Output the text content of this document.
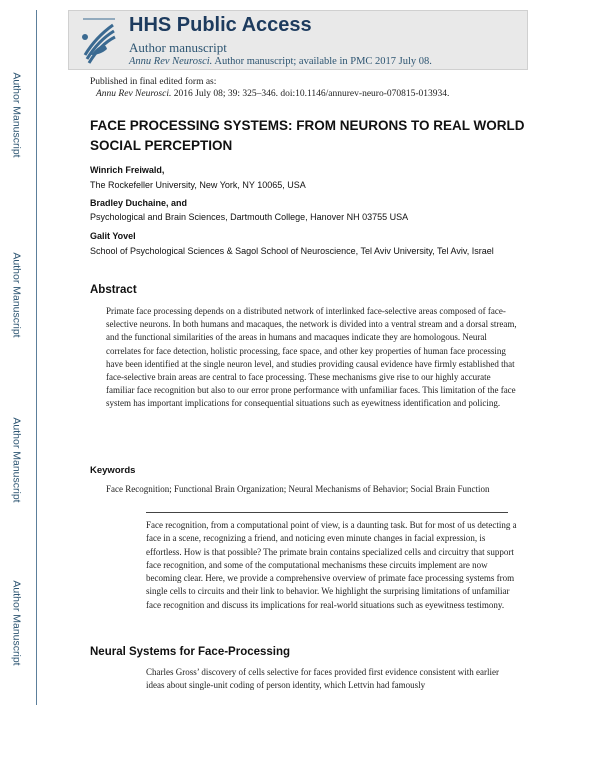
Author Manuscript
Author Manuscript
Author Manuscript
Author Manuscript
HHS Public Access
Author manuscript
Annu Rev Neurosci. Author manuscript; available in PMC 2017 July 08.
Published in final edited form as:
Annu Rev Neurosci. 2016 July 08; 39: 325–346. doi:10.1146/annurev-neuro-070815-013934.
FACE PROCESSING SYSTEMS: FROM NEURONS TO REAL WORLD SOCIAL PERCEPTION
Winrich Freiwald,
The Rockefeller University, New York, NY 10065, USA
Bradley Duchaine, and
Psychological and Brain Sciences, Dartmouth College, Hanover NH 03755 USA
Galit Yovel
School of Psychological Sciences & Sagol School of Neuroscience, Tel Aviv University, Tel Aviv, Israel
Abstract

Primate face processing depends on a distributed network of interlinked face-selective areas composed of face-selective neurons. In both humans and macaques, the network is divided into a ventral stream and a dorsal stream, and the functional similarities of the areas in humans and macaques indicate they are homologous. Neural correlates for face detection, holistic processing, face space, and other key properties of human face processing have been identified at the single neuron level, and studies providing causal evidence have firmly established that face-selective brain areas are central to face processing. These mechanisms give rise to our highly accurate familiar face recognition but also to our error prone performance with unfamiliar faces. This limitation of the face system has important implications for consequential situations such as eyewitness identification and policing.

Keywords

Face Recognition; Functional Brain Organization; Neural Mechanisms of Behavior; Social Brain Function

Face recognition, from a computational point of view, is a daunting task. But for most of us detecting a face in a scene, recognizing a friend, and noticing even minute changes in facial expression, is effortless. How is that possible? The primate brain contains specialized cells and circuitry that support face recognition, and some of the computational mechanisms these circuits implement are now becoming clear. Here, we provide a comprehensive overview of primate face processing systems from single cells to circuits and their link to behavior. We highlight the surprising limitations of unfamiliar face recognition and discuss its implications for real-world situations such as eyewitness testimony.

Neural Systems for Face-Processing

Charles Gross’ discovery of cells selective for faces provided first evidence consistent with earlier ideas about single-unit coding of person identity, which Lettvin had famously
